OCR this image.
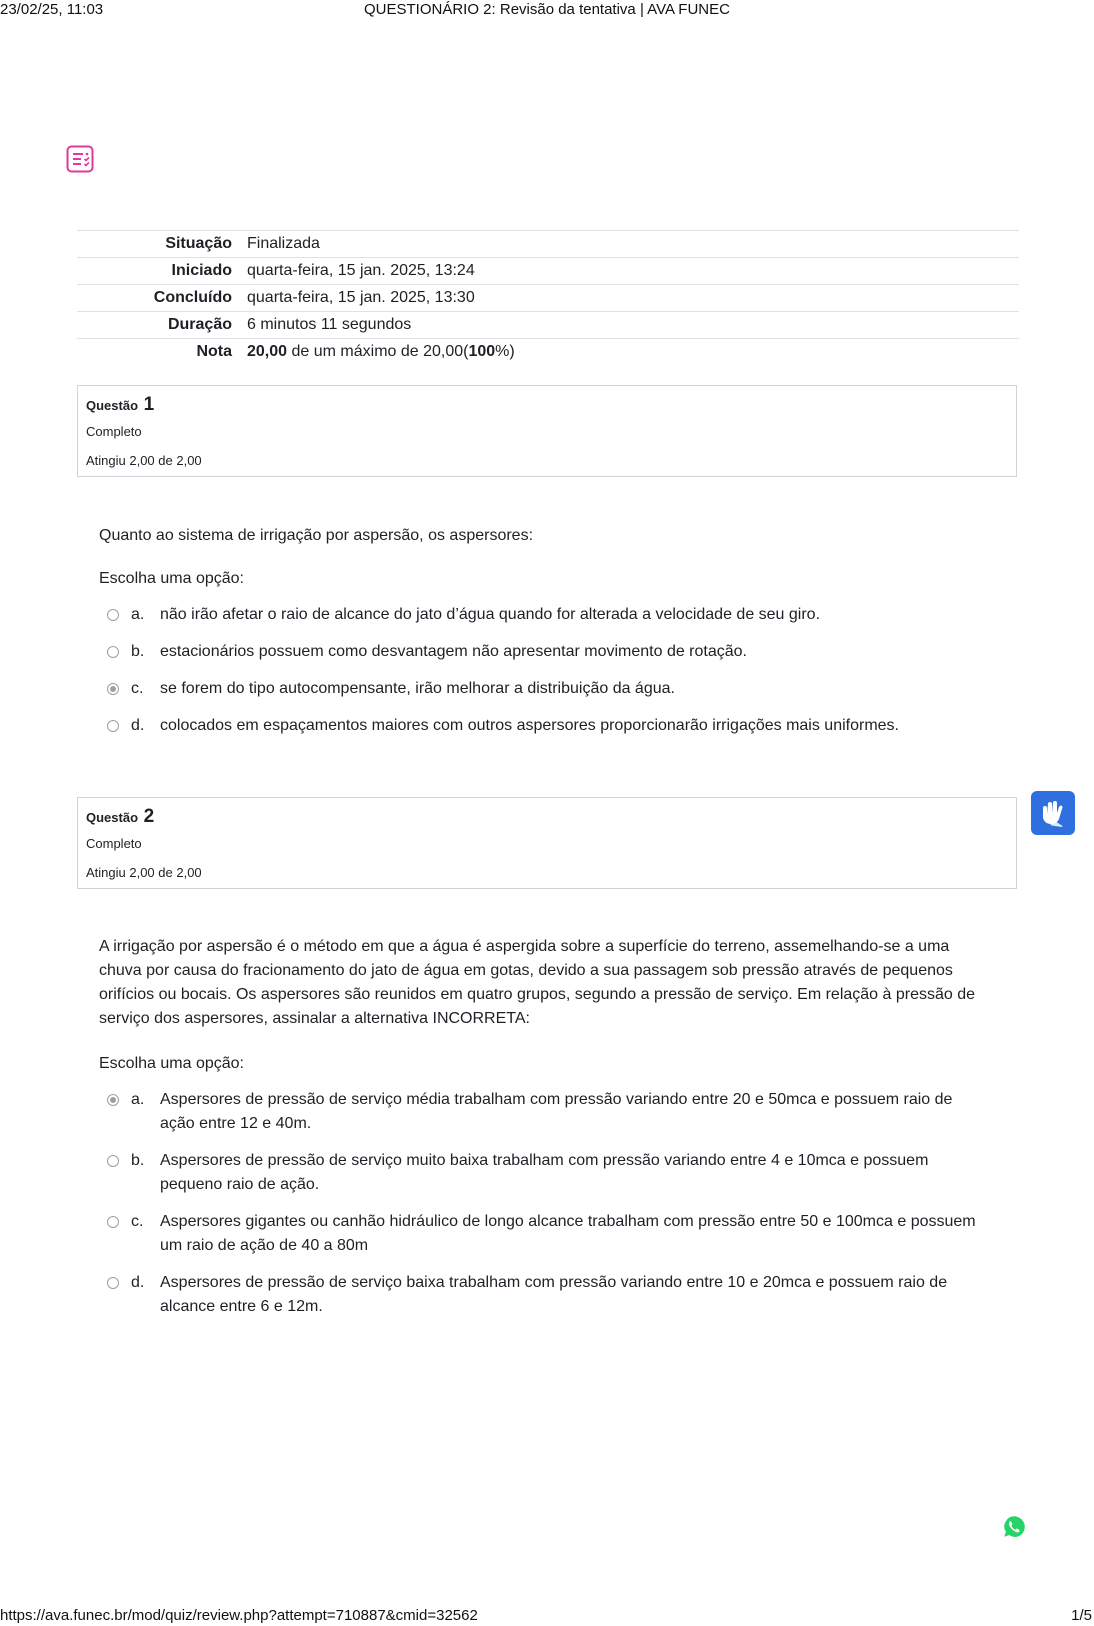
23/02/25, 11:03	QUESTIONÁRIO 2: Revisão da tentativa | AVA FUNEC
Situação	Finalizada
Iniciado	quarta-feira, 15 jan. 2025, 13:24
Concluído	quarta-feira, 15 jan. 2025, 13:30
Duração	6 minutos 11 segundos
Nota	20,00 de um máximo de 20,00(100%)
Questão 1
Completo
Atingiu 2,00 de 2,00
Quanto ao sistema de irrigação por aspersão, os aspersores:
Escolha uma opção:
a. não irão afetar o raio de alcance do jato d’água quando for alterada a velocidade de seu giro.
b. estacionários possuem como desvantagem não apresentar movimento de rotação.
c. se forem do tipo autocompensante, irão melhorar a distribuição da água.
d. colocados em espaçamentos maiores com outros aspersores proporcionarão irrigações mais uniformes.
Questão 2
Completo
Atingiu 2,00 de 2,00
A irrigação por aspersão é o método em que a água é aspergida sobre a superfície do terreno, assemelhando-se a uma chuva por causa do fracionamento do jato de água em gotas, devido a sua passagem sob pressão através de pequenos orifícios ou bocais. Os aspersores são reunidos em quatro grupos, segundo a pressão de serviço. Em relação à pressão de serviço dos aspersores, assinalar a alternativa INCORRETA:
Escolha uma opção:
a. Aspersores de pressão de serviço média trabalham com pressão variando entre 20 e 50mca e possuem raio de ação entre 12 e 40m.
b. Aspersores de pressão de serviço muito baixa trabalham com pressão variando entre 4 e 10mca e possuem pequeno raio de ação.
c. Aspersores gigantes ou canhão hidráulico de longo alcance trabalham com pressão entre 50 e 100mca e possuem um raio de ação de 40 a 80m
d. Aspersores de pressão de serviço baixa trabalham com pressão variando entre 10 e 20mca e possuem raio de alcance entre 6 e 12m.
https://ava.funec.br/mod/quiz/review.php?attempt=710887&cmid=32562	1/5
